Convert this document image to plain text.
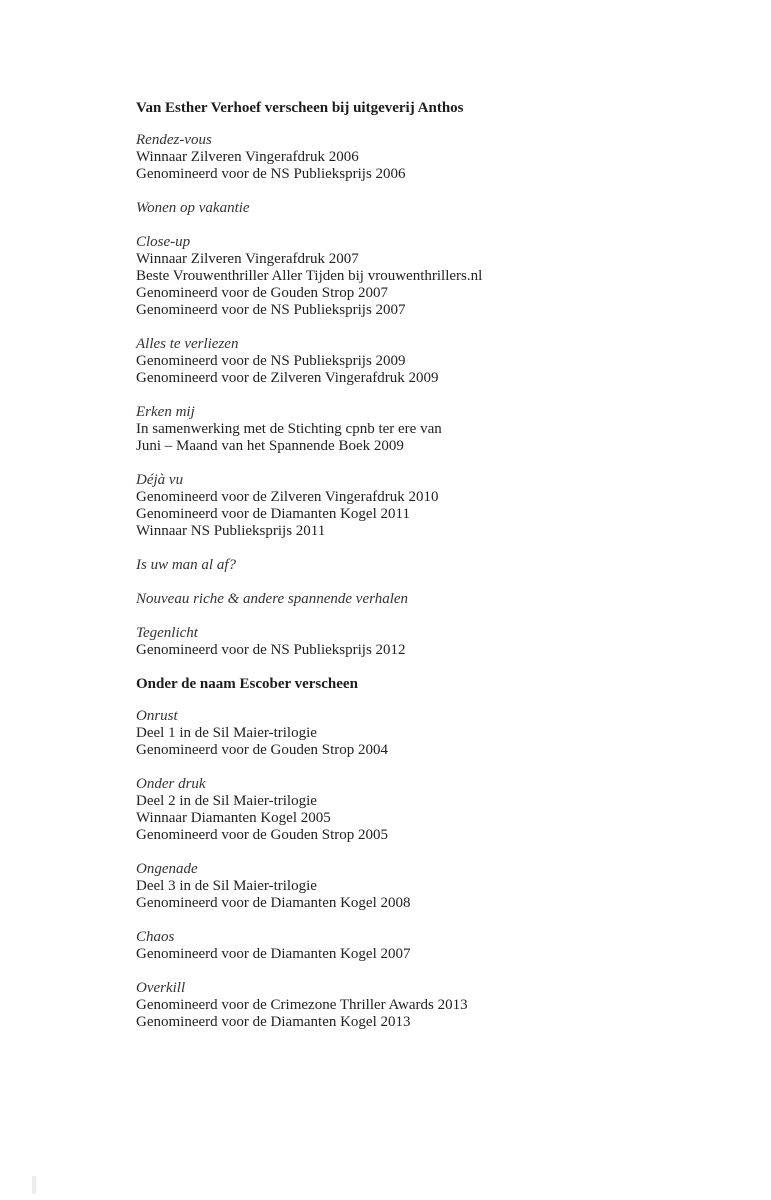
Van Esther Verhoef verscheen bij uitgeverij Anthos
Rendez-vous
Winnaar Zilveren Vingerafdruk 2006
Genomineerd voor de NS Publieksprijs 2006
Wonen op vakantie
Close-up
Winnaar Zilveren Vingerafdruk 2007
Beste Vrouwenthriller Aller Tijden bij vrouwenthrillers.nl
Genomineerd voor de Gouden Strop 2007
Genomineerd voor de NS Publieksprijs 2007
Alles te verliezen
Genomineerd voor de NS Publieksprijs 2009
Genomineerd voor de Zilveren Vingerafdruk 2009
Erken mij
In samenwerking met de Stichting cpnb ter ere van
Juni – Maand van het Spannende Boek 2009
Déjà vu
Genomineerd voor de Zilveren Vingerafdruk 2010
Genomineerd voor de Diamanten Kogel 2011
Winnaar NS Publieksprijs 2011
Is uw man al af?
Nouveau riche & andere spannende verhalen
Tegenlicht
Genomineerd voor de NS Publieksprijs 2012
Onder de naam Escober verscheen
Onrust
Deel 1 in de Sil Maier-trilogie
Genomineerd voor de Gouden Strop 2004
Onder druk
Deel 2 in de Sil Maier-trilogie
Winnaar Diamanten Kogel 2005
Genomineerd voor de Gouden Strop 2005
Ongenade
Deel 3 in de Sil Maier-trilogie
Genomineerd voor de Diamanten Kogel 2008
Chaos
Genomineerd voor de Diamanten Kogel 2007
Overkill
Genomineerd voor de Crimezone Thriller Awards 2013
Genomineerd voor de Diamanten Kogel 2013
